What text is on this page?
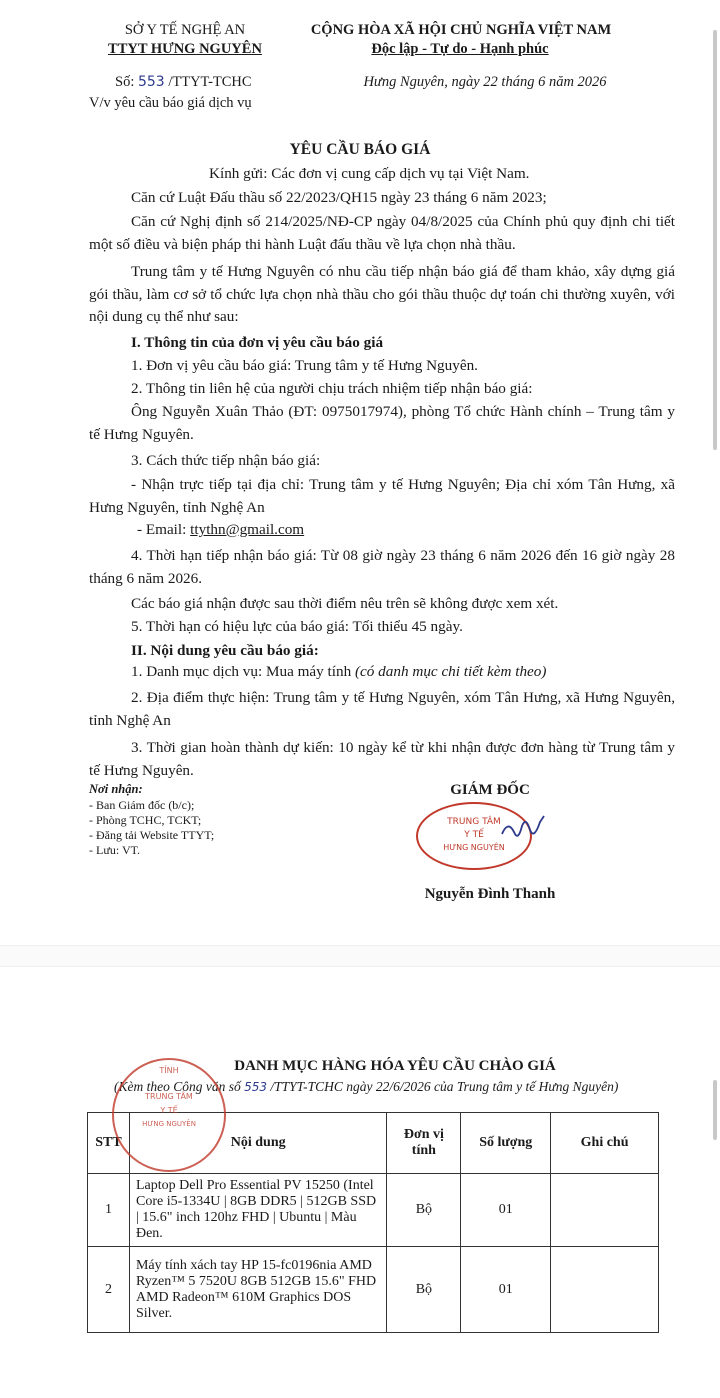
SỞ Y TẾ NGHỆ AN
TTYT HƯNG NGUYÊN
Số: 553 /TTYT-TCHC
V/v yêu cầu báo giá dịch vụ
CỘNG HÒA XÃ HỘI CHỦ NGHĨA VIỆT NAM
Độc lập - Tự do - Hạnh phúc
Hưng Nguyên, ngày 22 tháng 6 năm 2026
YÊU CẦU BÁO GIÁ
Kính gửi: Các đơn vị cung cấp dịch vụ tại Việt Nam.
Căn cứ Luật Đấu thầu số 22/2023/QH15 ngày 23 tháng 6 năm 2023;
Căn cứ Nghị định số 214/2025/NĐ-CP ngày 04/8/2025 của Chính phủ quy định chi tiết một số điều và biện pháp thi hành Luật đấu thầu về lựa chọn nhà thầu.
Trung tâm y tế Hưng Nguyên có nhu cầu tiếp nhận báo giá để tham khảo, xây dựng giá gói thầu, làm cơ sở tổ chức lựa chọn nhà thầu cho gói thầu thuộc dự toán chi thường xuyên, với nội dung cụ thể như sau:
I. Thông tin của đơn vị yêu cầu báo giá
1. Đơn vị yêu cầu báo giá: Trung tâm y tế Hưng Nguyên.
2. Thông tin liên hệ của người chịu trách nhiệm tiếp nhận báo giá:
Ông Nguyễn Xuân Thảo (ĐT: 0975017974), phòng Tổ chức Hành chính – Trung tâm y tế Hưng Nguyên.
3. Cách thức tiếp nhận báo giá:
- Nhận trực tiếp tại địa chỉ: Trung tâm y tế Hưng Nguyên; Địa chỉ xóm Tân Hưng, xã Hưng Nguyên, tỉnh Nghệ An
- Email: ttythn@gmail.com
4. Thời hạn tiếp nhận báo giá: Từ 08 giờ ngày 23 tháng 6 năm 2026 đến 16 giờ ngày 28 tháng 6 năm 2026.
Các báo giá nhận được sau thời điểm nêu trên sẽ không được xem xét.
5. Thời hạn có hiệu lực của báo giá: Tối thiểu 45 ngày.
II. Nội dung yêu cầu báo giá:
1. Danh mục dịch vụ: Mua máy tính (có danh mục chi tiết kèm theo)
2. Địa điểm thực hiện: Trung tâm y tế Hưng Nguyên, xóm Tân Hưng, xã Hưng Nguyên, tỉnh Nghệ An
3. Thời gian hoàn thành dự kiến: 10 ngày kể từ khi nhận được đơn hàng từ Trung tâm y tế Hưng Nguyên.
Nơi nhận:
- Ban Giám đốc (b/c);
- Phòng TCHC, TCKT;
- Đăng tải Website TTYT;
- Lưu: VT.
GIÁM ĐỐC
TRUNG TÂM
Y TẾ
HƯNG NGUYÊN
Nguyễn Đình Thanh
DANH MỤC HÀNG HÓA YÊU CẦU CHÀO GIÁ
(Kèm theo Công văn số 553 /TTYT-TCHC ngày 22/6/2026 của Trung tâm y tế Hưng Nguyên)
STT	Nội dung	Đơn vị tính	Số lượng	Ghi chú
1	Laptop Dell Pro Essential PV 15250 (Intel Core i5-1334U | 8GB DDR5 | 512GB SSD | 15.6" inch 120hz FHD | Ubuntu | Màu Đen.	Bộ	01	
2	Máy tính xách tay HP 15-fc0196nia AMD Ryzen™ 5 7520U 8GB 512GB 15.6" FHD AMD Radeon™ 610M Graphics DOS Silver.	Bộ	01	
TỈNH
TRUNG TÂM
Y TẾ
HƯNG NGUYÊN
